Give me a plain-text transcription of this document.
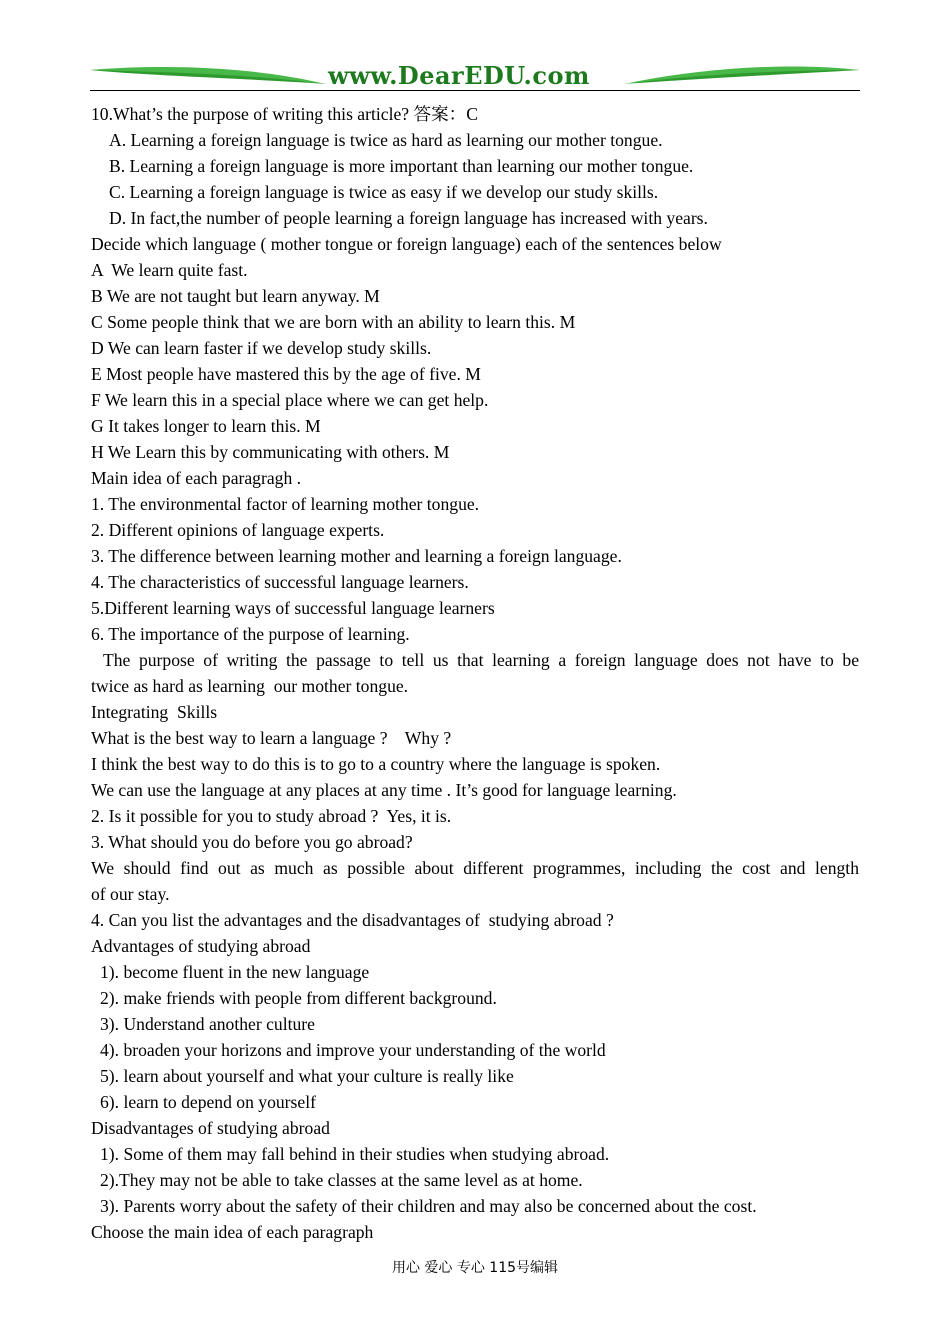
www.DearEDU.com
10.What’s the purpose of writing this article? 答案：C
A. Learning a foreign language is twice as hard as learning our mother tongue.
B. Learning a foreign language is more important than learning our mother tongue.
C. Learning a foreign language is twice as easy if we develop our study skills.
D. In fact,the number of people learning a foreign language has increased with years.
Decide which language ( mother tongue or foreign language) each of the sentences below
A  We learn quite fast.
B We are not taught but learn anyway. M
C Some people think that we are born with an ability to learn this. M
D We can learn faster if we develop study skills.
E Most people have mastered this by the age of five. M
F We learn this in a special place where we can get help.
G It takes longer to learn this. M
H We Learn this by communicating with others. M
Main idea of each paragragh .
1. The environmental factor of learning mother tongue.
2. Different opinions of language experts.
3. The difference between learning mother and learning a foreign language.
4. The characteristics of successful language learners.
5.Different learning ways of successful language learners
6. The importance of the purpose of learning.
The purpose of writing the passage to tell us that learning a foreign language does not have to be
twice as hard as learning  our mother tongue.
Integrating  Skills
What is the best way to learn a language ?    Why ?
I think the best way to do this is to go to a country where the language is spoken.
We can use the language at any places at any time . It’s good for language learning.
2. Is it possible for you to study abroad ?  Yes, it is.
3. What should you do before you go abroad?
We should find out as much as possible about different programmes, including the cost and length
of our stay.
4. Can you list the advantages and the disadvantages of  studying abroad ?
Advantages of studying abroad
1). become fluent in the new language
2). make friends with people from different background.
3). Understand another culture
4). broaden your horizons and improve your understanding of the world
5). learn about yourself and what your culture is really like
6). learn to depend on yourself
Disadvantages of studying abroad
1). Some of them may fall behind in their studies when studying abroad.
2).They may not be able to take classes at the same level as at home.
3). Parents worry about the safety of their children and may also be concerned about the cost.
Choose the main idea of each paragraph
用心 爱心 专心 115号编辑
